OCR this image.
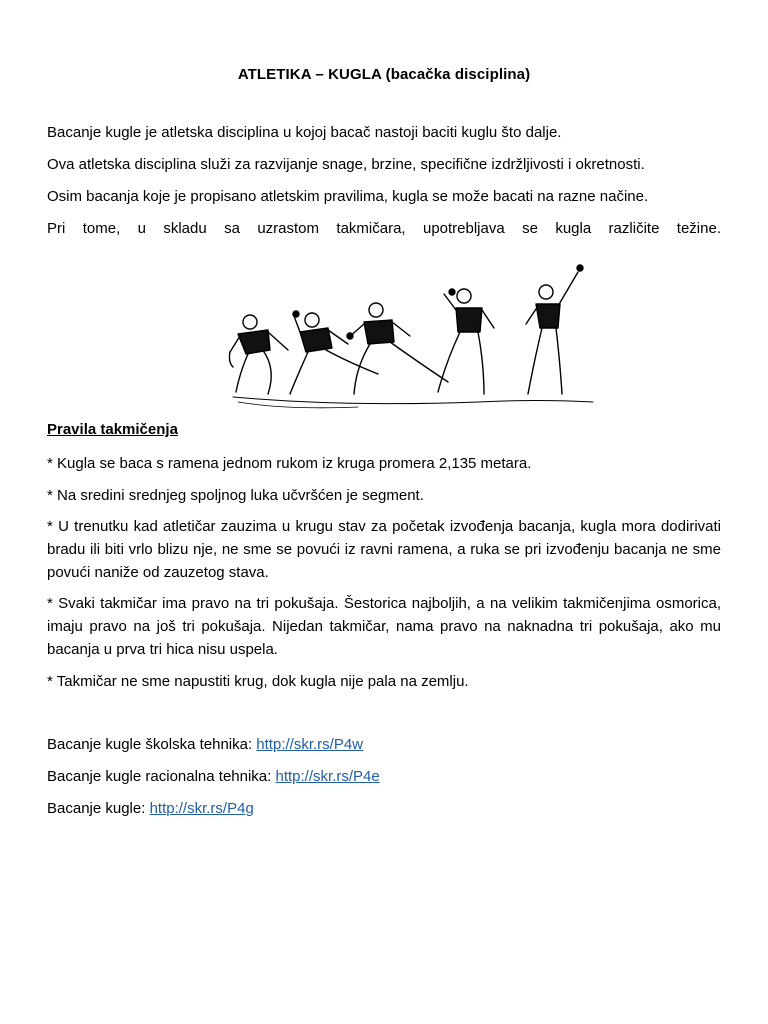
ATLETIKA – KUGLA (bacačka disciplina)
Bacanje kugle je atletska disciplina u kojoj bacač nastoji baciti kuglu što dalje.
Ova atletska disciplina služi za razvijanje snage, brzine, specifične izdržljivosti i okretnosti.
Osim bacanja koje je propisano atletskim pravilima, kugla se može bacati na razne načine.
Pri tome, u skladu sa uzrastom takmičara, upotrebljava se kugla različite težine.
Pravila takmičenja
* Kugla se baca s ramena jednom rukom iz kruga promera 2,135 metara.
* Na sredini srednjeg spoljnog luka učvršćen je segment.
* U trenutku kad atletičar zauzima u krugu stav za početak izvođenja bacanja, kugla mora dodirivati bradu ili biti vrlo blizu nje, ne sme se povući iz ravni ramena, a ruka se pri izvođenju bacanja ne sme povući naniže od zauzetog stava.
* Svaki takmičar ima pravo na tri pokušaja. Šestorica najboljih, a na velikim takmičenjima osmorica, imaju pravo na još tri pokušaja. Nijedan takmičar, nama pravo na naknadna tri pokušaja, ako mu bacanja u prva tri hica nisu uspela.
* Takmičar ne sme napustiti krug, dok kugla nije pala na zemlju.
Bacanje kugle školska tehnika: http://skr.rs/P4w
Bacanje kugle racionalna tehnika: http://skr.rs/P4e
Bacanje kugle: http://skr.rs/P4g
